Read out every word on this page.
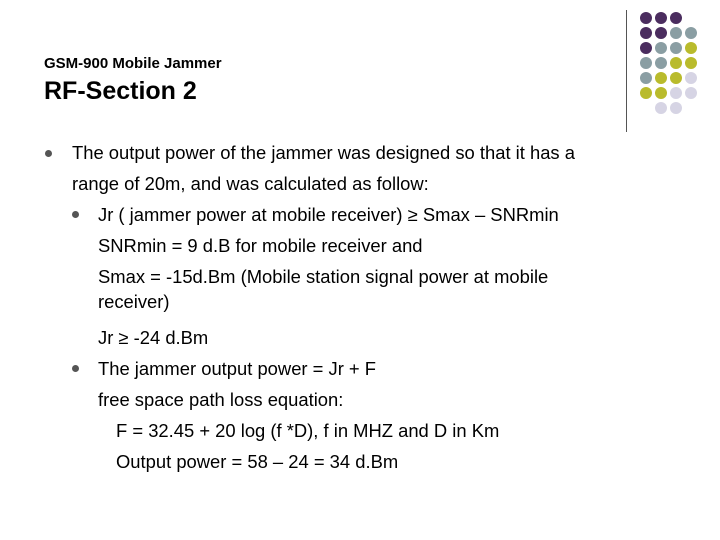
GSM-900 Mobile Jammer
RF-Section 2
The output power of the jammer was designed so that it has a
range of 20m, and was calculated as follow:
Jr ( jammer power at mobile receiver) ≥ Smax – SNRmin
SNRmin = 9 d.B for mobile receiver and
Smax = -15d.Bm (Mobile station signal power at mobile
receiver)
Jr ≥ -24 d.Bm
The jammer output power = Jr + F
free space path loss equation:
F = 32.45 + 20 log (f *D), f in MHZ and D in Km
Output power = 58 – 24 = 34 d.Bm
